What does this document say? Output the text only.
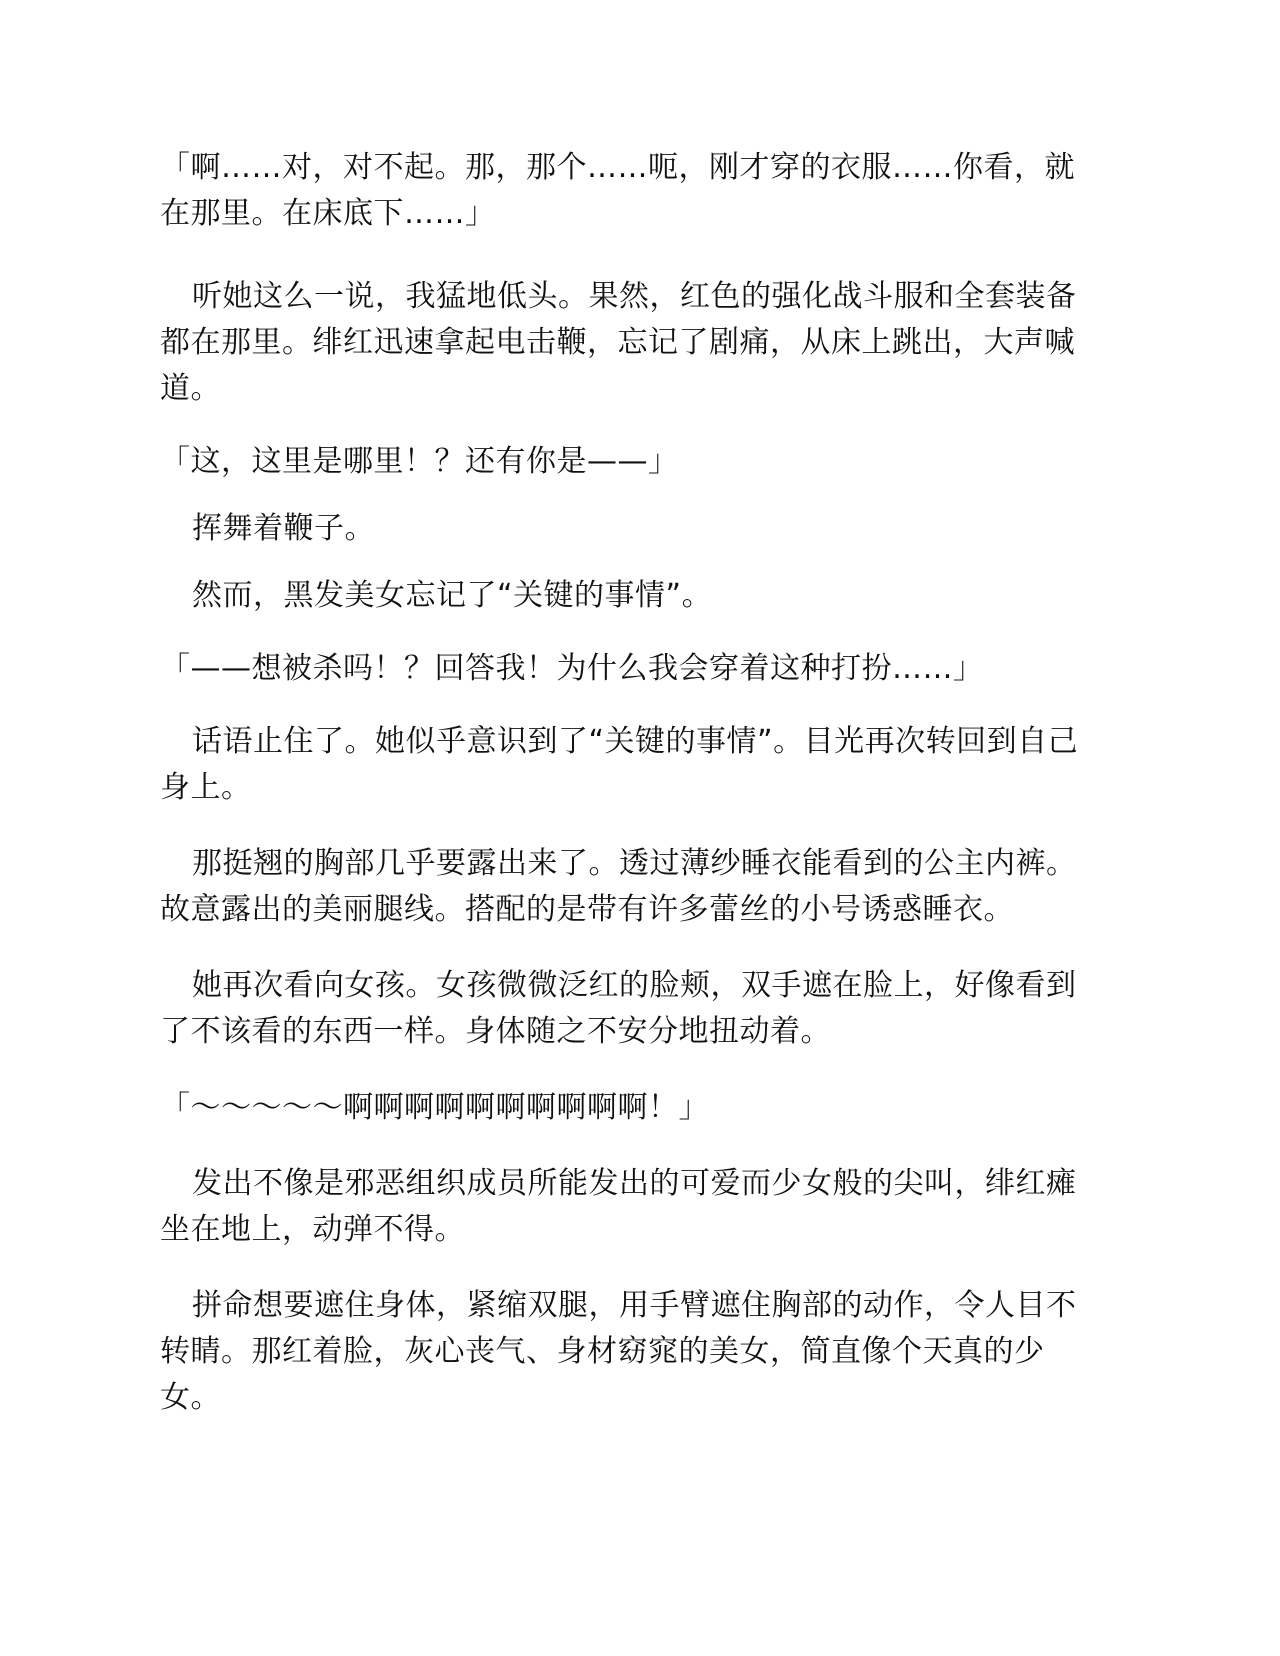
「啊……对，对不起。那，那个……呃，刚才穿的衣服……你看，就在那里。在床底下……」

听她这么一说，我猛地低头。果然，红色的强化战斗服和全套装备都在那里。绯红迅速拿起电击鞭，忘记了剧痛，从床上跳出，大声喊道。

「这，这里是哪里！？还有你是——」

挥舞着鞭子。

然而，黑发美女忘记了“关键的事情”。

「——想被杀吗！？回答我！为什么我会穿着这种打扮……」

话语止住了。她似乎意识到了“关键的事情”。目光再次转回到自己身上。

那挺翘的胸部几乎要露出来了。透过薄纱睡衣能看到的公主内裤。故意露出的美丽腿线。搭配的是带有许多蕾丝的小号诱惑睡衣。

她再次看向女孩。女孩微微泛红的脸颊，双手遮在脸上，好像看到了不该看的东西一样。身体随之不安分地扭动着。

「～～～～～啊啊啊啊啊啊啊啊啊啊！」

发出不像是邪恶组织成员所能发出的可爱而少女般的尖叫，绯红瘫坐在地上，动弹不得。

拼命想要遮住身体，紧缩双腿，用手臂遮住胸部的动作，令人目不转睛。那红着脸，灰心丧气、身材窈窕的美女，简直像个天真的少女。
